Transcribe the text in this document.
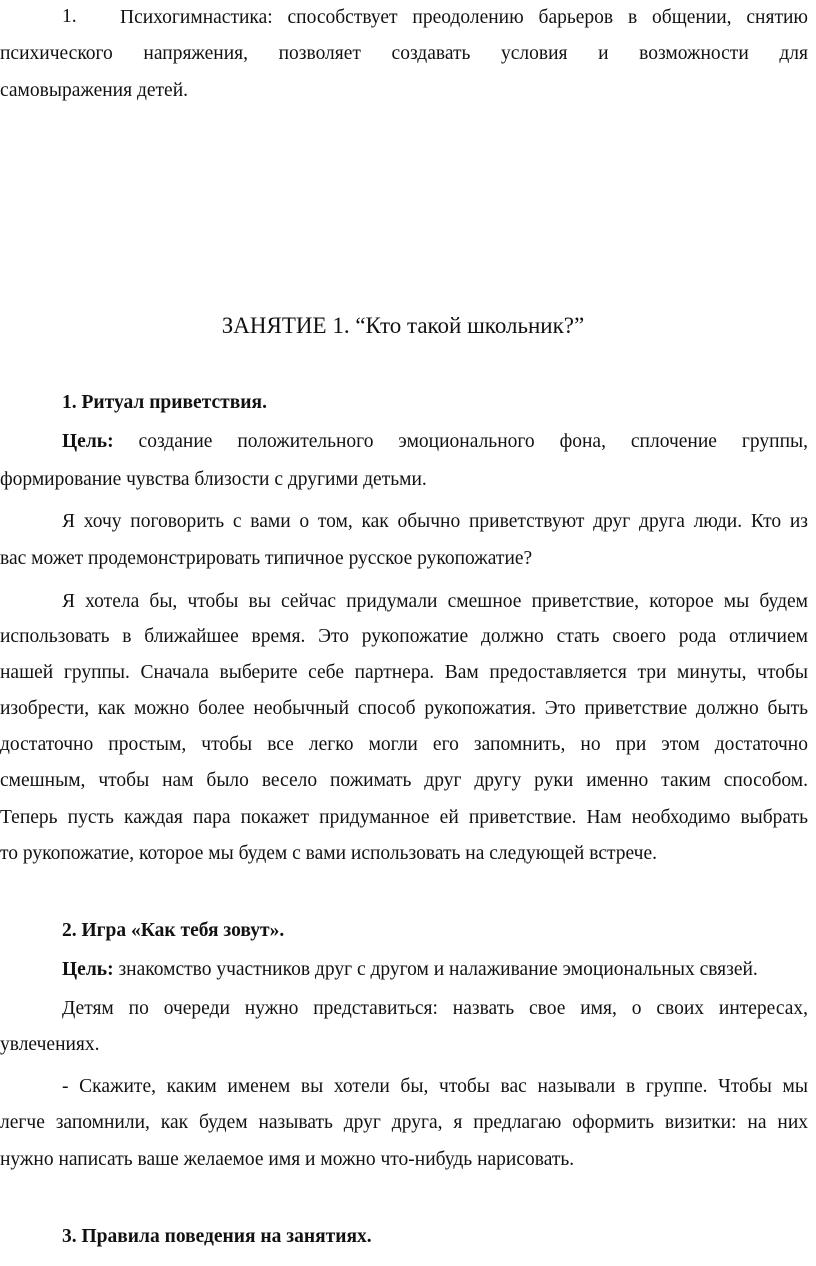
1. Психогимнастика: способствует преодолению барьеров в общении, снятию
психического напряжения, позволяет создавать условия и возможности для
самовыражения детей.
ЗАНЯТИЕ 1. “Кто такой школьник?”
1. Ритуал приветствия.
Цель: создание положительного эмоционального фона, сплочение группы,
формирование чувства близости с другими детьми.
Я хочу поговорить с вами о том, как обычно приветствуют друг друга люди. Кто из
вас может продемонстрировать типичное русское рукопожатие?
Я хотела бы, чтобы вы сейчас придумали смешное приветствие, которое мы будем
использовать в ближайшее время. Это рукопожатие должно стать своего рода отличием
нашей группы. Сначала выберите себе партнера. Вам предоставляется три минуты, чтобы
изобрести, как можно более необычный способ рукопожатия. Это приветствие должно быть
достаточно простым, чтобы все легко могли его запомнить, но при этом достаточно
смешным, чтобы нам было весело пожимать друг другу руки именно таким способом.
Теперь пусть каждая пара покажет придуманное ей приветствие. Нам необходимо выбрать
то рукопожатие, которое мы будем с вами использовать на следующей встрече.
2. Игра «Как тебя зовут».
Цель: знакомство участников друг с другом и налаживание эмоциональных связей.
Детям по очереди нужно представиться: назвать свое имя, о своих интересах,
увлечениях.
- Скажите, каким именем вы хотели бы, чтобы вас называли в группе. Чтобы мы
легче запомнили, как будем называть друг друга, я предлагаю оформить визитки: на них
нужно написать ваше желаемое имя и можно что-нибудь нарисовать.
3. Правила поведения на занятиях.
